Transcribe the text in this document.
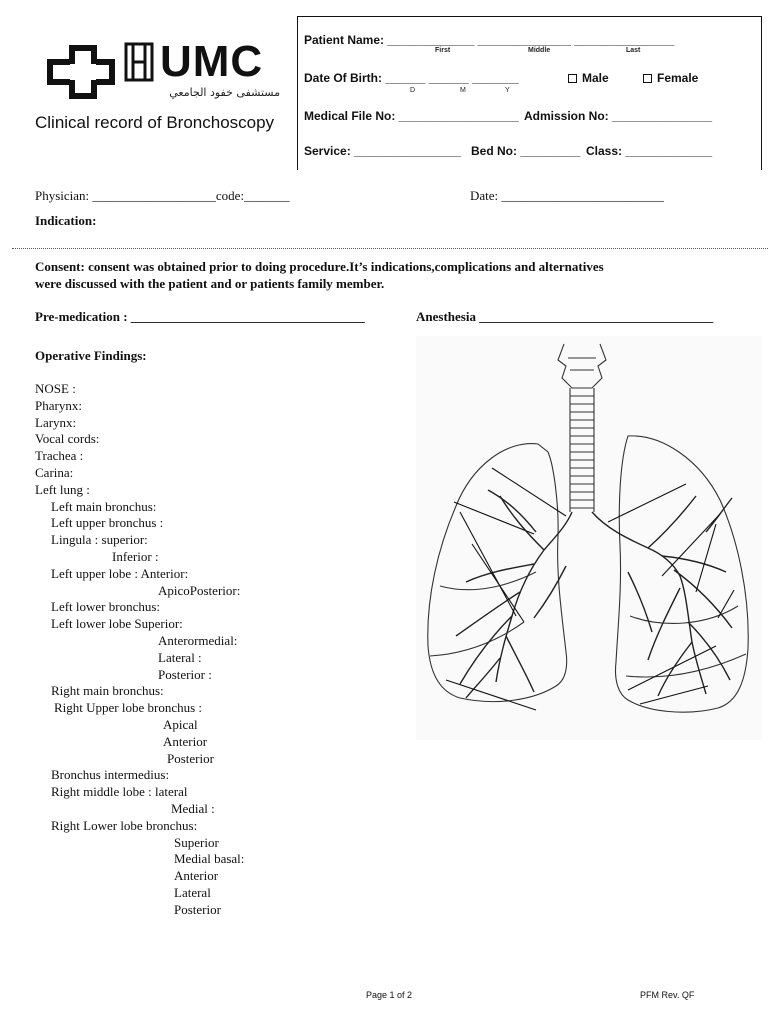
UMC
مستشفى خفود الجامعي
Clinical record of Bronchoscopy
Patient Name: _____________ ______________ _______________
First	Middle	Last
Date Of Birth: ______ ______ _______
D	M	Y
Male	Female
Medical File No: __________________ Admission No: _______________
Service: ________________ Bed No: _________ Class: _____________
Physician: ___________________code:_______	Date: _________________________
Indication:
Consent: consent was obtained prior to doing procedure.It’s indications,complications and alternatives
were discussed with the patient and or patients family member.
Pre-medication : ____________________________________	Anesthesia ____________________________________
Operative Findings:
NOSE :
Pharynx:
Larynx:
Vocal cords:
Trachea :
Carina:
Left lung :
Left main bronchus:
Left upper bronchus :
Lingula : superior:
Inferior :
Left upper lobe : Anterior:
ApicoPosterior:
Left lower bronchus:
Left lower lobe Superior:
Anterormedial:
Lateral :
Posterior :
Right main bronchus:
Right Upper lobe bronchus :
Apical
Anterior
Posterior
Bronchus intermedius:
Right middle lobe : lateral
Medial :
Right Lower lobe bronchus:
Superior
Medial basal:
Anterior
Lateral
Posterior
Page 1 of 2	PFM Rev. QF
